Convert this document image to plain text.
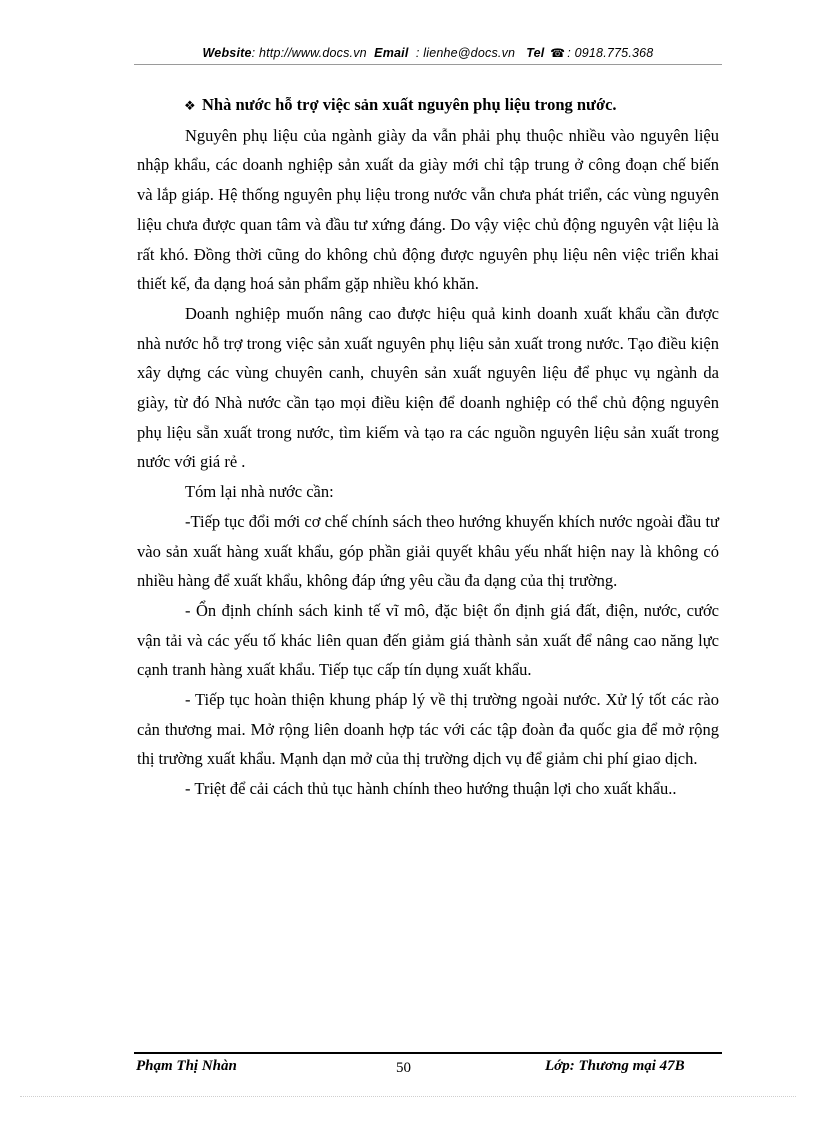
Website: http://www.docs.vn Email : lienhe@docs.vn Tel ☎ : 0918.775.368

❖ Nhà nước hỗ trợ việc sản xuất nguyên phụ liệu trong nước.

Nguyên phụ liệu của ngành giày da vẫn phải phụ thuộc nhiều vào nguyên liệu nhập khẩu, các doanh nghiệp sản xuất da giày mới chỉ tập trung ở công đoạn chế biến và lắp giáp. Hệ thống nguyên phụ liệu trong nước vẫn chưa phát triển, các vùng nguyên liệu chưa được quan tâm và đầu tư xứng đáng. Do vậy việc chủ động nguyên vật liệu là rất khó. Đồng thời cũng do không chủ động được nguyên phụ liệu nên việc triển khai thiết kế, đa dạng hoá sản phẩm gặp nhiều khó khăn.

Doanh nghiệp muốn nâng cao được hiệu quả kinh doanh xuất khẩu cần được nhà nước hỗ trợ trong việc sản xuất nguyên phụ liệu sản xuất trong nước. Tạo điều kiện xây dựng các vùng chuyên canh, chuyên sản xuất nguyên liệu để phục vụ ngành da giày, từ đó Nhà nước cần tạo mọi điều kiện để doanh nghiệp có thể chủ động nguyên phụ liệu sẵn xuất trong nước, tìm kiếm và tạo ra các nguồn nguyên liệu sản xuất trong nước với giá rẻ .

Tóm lại nhà nước cần:

-Tiếp tục đổi mới cơ chế chính sách theo hướng khuyến khích nước ngoài đầu tư vào sản xuất hàng xuất khẩu, góp phần giải quyết khâu yếu nhất hiện nay là không có nhiều hàng để xuất khẩu, không đáp ứng yêu cầu đa dạng của thị trường.

- Ổn định chính sách kinh tế vĩ mô, đặc biệt ổn định giá đất, điện, nước, cước vận tải và các yếu tố khác liên quan đến giảm giá thành sản xuất để nâng cao năng lực cạnh tranh hàng xuất khẩu. Tiếp tục cấp tín dụng xuất khẩu.

- Tiếp tục hoàn thiện khung pháp lý về thị trường ngoài nước. Xử lý tốt các rào cản thương mai. Mở rộng liên doanh hợp tác với các tập đoàn đa quốc gia để mở rộng thị trường xuất khẩu. Mạnh dạn mở của thị trường dịch vụ để giảm chi phí giao dịch.

- Triệt để cải cách thủ tục hành chính theo hướng thuận lợi cho xuất khẩu..

Phạm Thị Nhàn	50	Lớp: Thương mại 47B
